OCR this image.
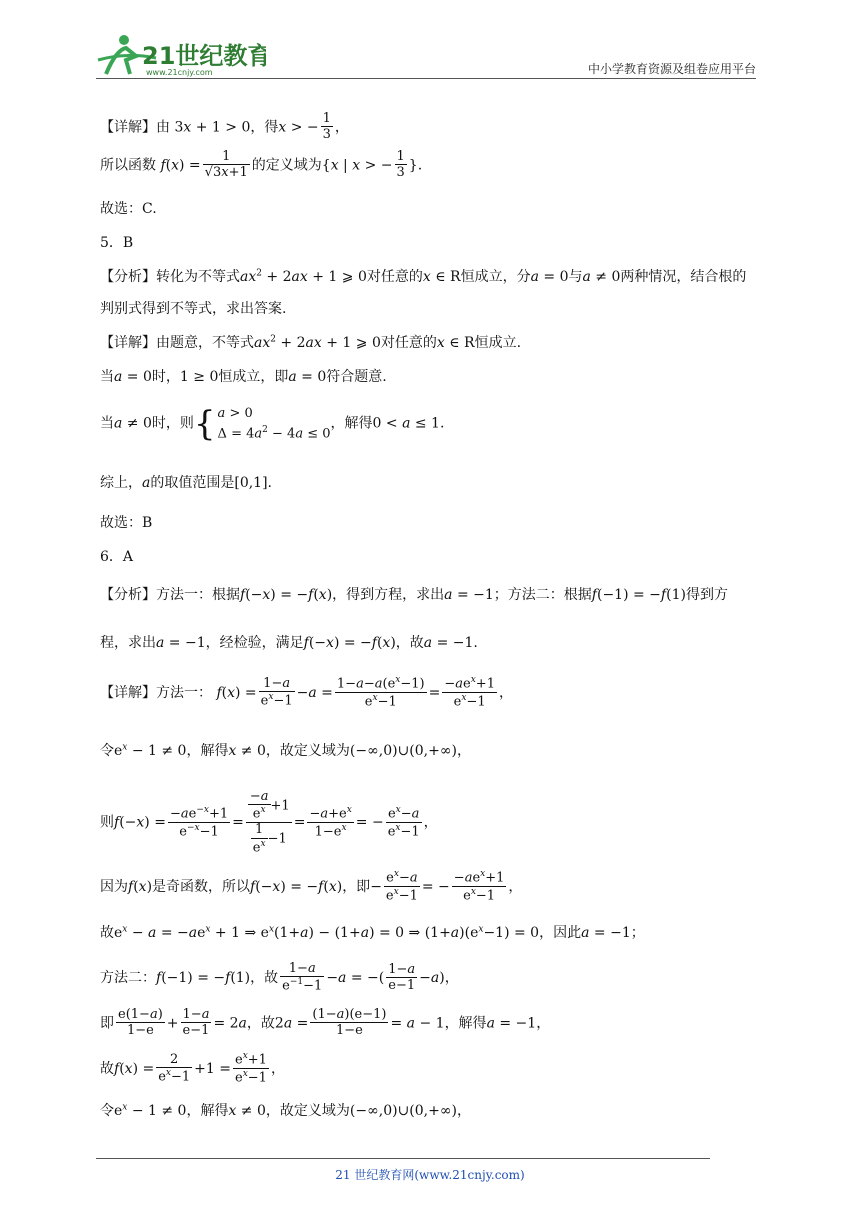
21世纪教育
www.21cnjy.com	中小学教育资源及组卷应用平台
【详解】由 3x + 1 > 0，得x > − $\frac{1}{3}$ ，
所以函数 $f(x) = \frac{1}{√3x+1}$ 的定义域为{x | x > − $\frac{1}{3}$ }.
故选：C.
5．B
【分析】转化为不等式$ax^2 + 2ax + 1$ ⩾ 0对任意的x ∈ R恒成立，分a = 0与a ≠ 0两种情况，结合根的
判别式得到不等式，求出答案.
【详解】由题意，不等式$ax^2 + 2ax + 1$ ⩾ 0对任意的x ∈ R恒成立.
当a = 0时，1 ≥ 0恒成立，即a = 0符合题意.
当a ≠ 0时，则{ a > 0
$\Delta = 4a^2 - 4a \le 0$，解得0 < a ≤ 1.
综上，a的取值范围是[0,1].
故选：B
6．A
【分析】方法一：根据f(−x) = −f(x)，得到方程，求出a = −1；方法二：根据f(−1) = −f(1)得到方
程，求出a = −1，经检验，满足f(−x) = −f(x)，故a = −1.
【详解】方法一： $f(x) = \frac{1-a}{e^x-1} -a = \frac{1-a-a(e^x-1)}{e^x-1} = \frac{-ae^x+1}{e^x-1}$ ，
令$e^x - 1 \ne 0$，解得x ≠ 0，故定义域为(−∞,0)∪(0,+∞)，
则$f(-x) = \frac{-ae^{-x}+1}{e^{-x}-1} = \frac{\frac{-a}{e^x} +1}{\frac{1}{e^x} -1} = \frac{-a+e^x}{1-e^x}$ = − $\frac{e^x-a}{e^x-1}$ ，
因为f(x)是奇函数，所以f(−x) = −f(x)，即− $\frac{e^x-a}{e^x-1}$ = − $\frac{-ae^x+1}{e^x-1}$ ，
故$e^x - a = -ae^x + 1$ ⇒ $e^x(1+a) - (1+a) = 0$ ⇒ $(1+a)(e^x-1) = 0$，因此a = −1；
方法二：f(−1) = −f(1)，故 $\frac{1-a}{e^{-1}-1} -a$ = −( $\frac{1-a}{e-1} -a$)，
即 $\frac{e(1-a)}{1-e} + \frac{1-a}{e-1} = 2a$，故$2a = \frac{(1-a)(e-1)}{1-e} = a - 1$，解得a = −1，
故$f(x) = \frac{2}{e^x-1} +1 = \frac{e^x+1}{e^x-1}$ ，
令$e^x - 1 \ne 0$，解得x ≠ 0，故定义域为(−∞,0)∪(0,+∞)，
21 世纪教育网(www.21cnjy.com)
